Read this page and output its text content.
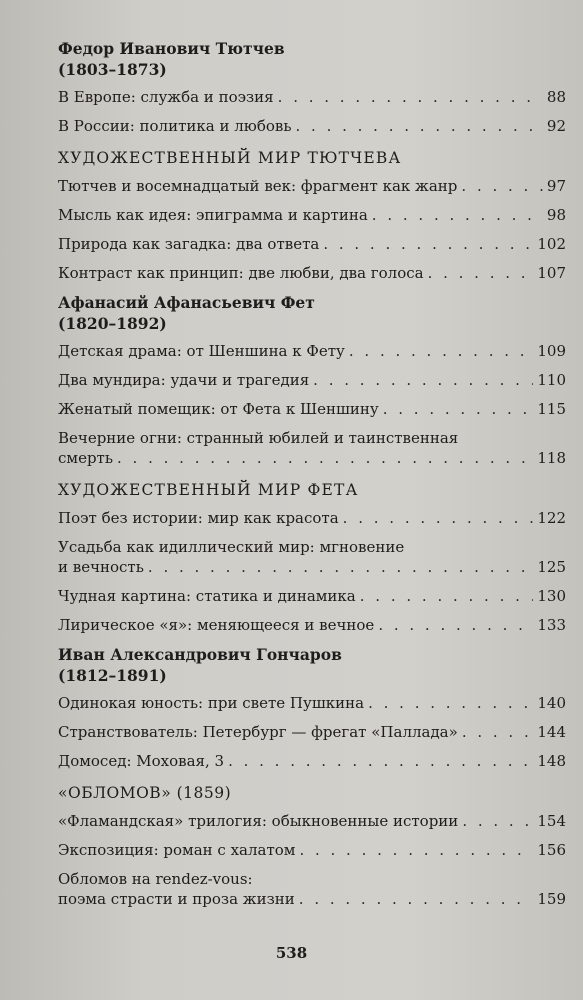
Федор Иванович Тютчев
(1803–1873)
В Европе: служба и поэзия . . .	88
В России: политика и любовь . . .	92
ХУДОЖЕСТВЕННЫЙ МИР ТЮТЧЕВА
Тютчев и восемнадцатый век: фрагмент как жанр . . .	97
Мысль как идея: эпиграмма и картина . . .	98
Природа как загадка: два ответа . . .	102
Контраст как принцип: две любви, два голоса . . .	107
Афанасий Афанасьевич Фет
(1820–1892)
Детская драма: от Шеншина к Фету . . .	109
Два мундира: удачи и трагедия . . .	110
Женатый помещик: от Фета к Шеншину . . .	115
Вечерние огни: странный юбилей и таинственная
смерть . . .	118
ХУДОЖЕСТВЕННЫЙ МИР ФЕТА
Поэт без истории: мир как красота . . .	122
Усадьба как идиллический мир: мгновение
и вечность . . .	125
Чудная картина: статика и динамика . . .	130
Лирическое «я»: меняющееся и вечное . . .	133
Иван Александрович Гончаров
(1812–1891)
Одинокая юность: при свете Пушкина . . .	140
Странствователь: Петербург — фрегат «Паллада» . . .	144
Домосед: Моховая, 3 . . .	148
«ОБЛОМОВ» (1859)
«Фламандская» трилогия: обыкновенные истории . . .	154
Экспозиция: роман с халатом . . .	156
Обломов на rendez-vous:
поэма страсти и проза жизни . . .	159
538
